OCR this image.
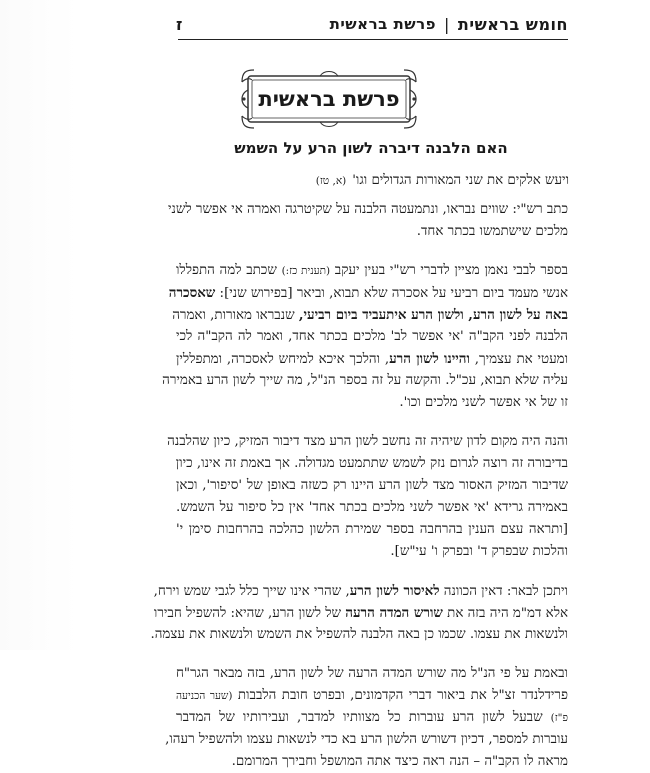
חומש בראשית
|
פרשת בראשית
ז
פרשת בראשית
האם הלבנה דיברה לשון הרע על השמש
ויעש אלקים את שני המאורות הגדולים וגו'(א, טז)
כתב רש"י: שווים נבראו, ונתמעטה הלבנה על שקיטרגה ואמרה אי אפשר לשני
מלכים שישתמשו בכתר אחד.
בספר לבבי נאמן מציין לדברי רש"י בעין יעקב (תענית כז:) שכתב למה התפללו
אנשי מעמד ביום רביעי על אסכרה שלא תבוא, וביאר [בפירוש שני]: שאסכרה
באה על לשון הרע, ולשון הרע איתעביד ביום רביעי, שנבראו מאורות, ואמרה
הלבנה לפני הקב"ה 'אי אפשר לב' מלכים בכתר אחד, ואמר לה הקב"ה לכי
ומעטי את עצמיך, והיינו לשון הרע, והלכך איכא למיחש לאסכרה, ומתפללין
עליה שלא תבוא, עכ"ל. והקשה על זה בספר הנ"ל, מה שייך לשון הרע באמירה
זו של אי אפשר לשני מלכים וכו'.
והנה היה מקום לדון שיהיה זה נחשב לשון הרע מצד דיבור המזיק, כיון שהלבנה
בדיבורה זה רוצה לגרום נזק לשמש שתתמעט מגדולה. אך באמת זה אינו, כיון
שדיבור המזיק האסור מצד לשון הרע היינו רק כשזה באופן של 'סיפור', וכאן
באמירה גרידא 'אי אפשר לשני מלכים בכתר אחד' אין כל סיפור על השמש.
[ותראה עצם הענין בהרחבה בספר שמירת הלשון כהלכה בהרחבות סימן י'
והלכות שבפרק ד' ובפרק ו' עי"ש].
ויתכן לבאר: דאין הכוונה לאיסור לשון הרע, שהרי אינו שייך כלל לגבי שמש וירח,
אלא דמ"מ היה בזה את שורש המדה הרעה של לשון הרע, שהיא: להשפיל חבירו
ולנשאות את עצמו. שכמו כן באה הלבנה להשפיל את השמש ולנשאות את עצמה.
ובאמת על פי הנ"ל מה שורש המדה הרעה של לשון הרע, בזה מבאר הגר"ח
פרידלנדר זצ"ל את ביאור דברי הקדמונים, ובפרט חובת הלבבות (שער הכניעה
פ"ז) שבעל לשון הרע עוברות כל מצוותיו למדבר, ועבירותיו של המדבר
עוברות למספר, דכיון דשורש הלשון הרע בא כדי לנשאות עצמו ולהשפיל רעהו,
מראה לו הקב"ה – הנה ראה כיצד אתה המושפל וחבירך המרומם.
